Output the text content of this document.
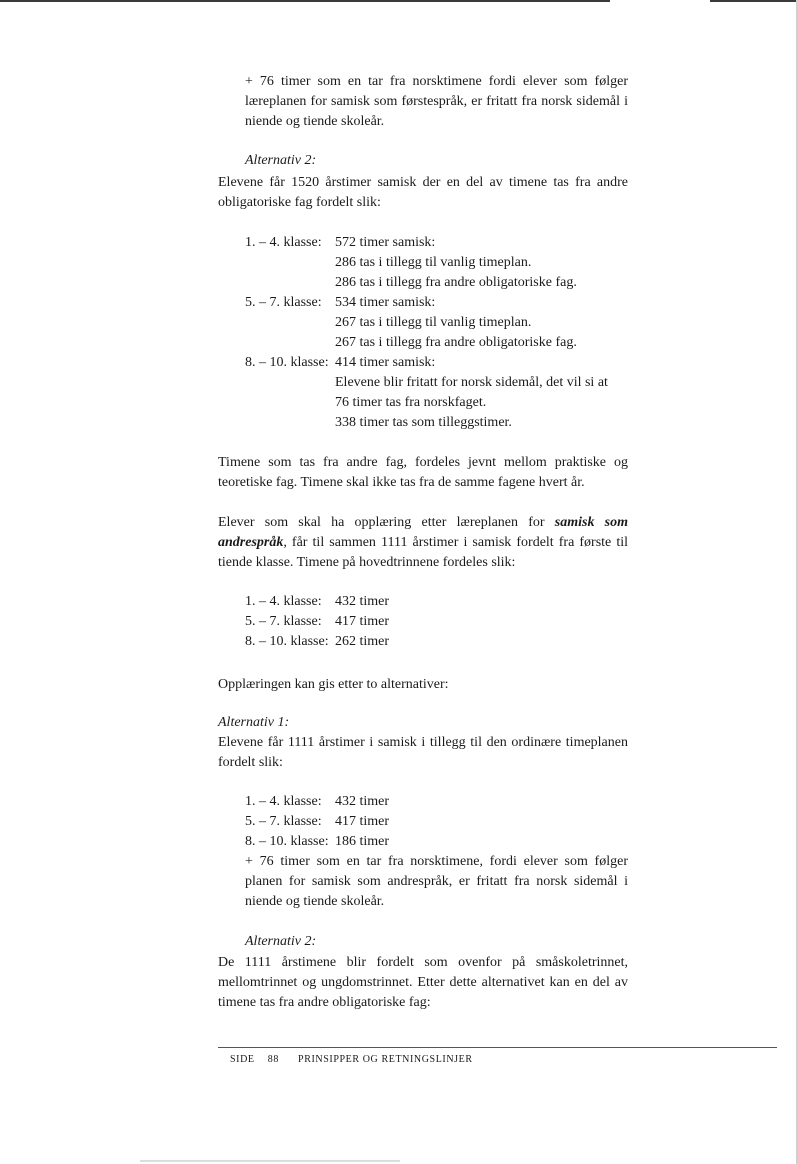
+ 76 timer som en tar fra norsktimene fordi elever som følger læreplanen for samisk som førstespråk, er fritatt fra norsk sidemål i niende og tiende skoleår.
Alternativ 2:
Elevene får 1520 årstimer samisk der en del av timene tas fra andre obligatoriske fag fordelt slik:
1. – 4. klasse: 572 timer samisk:
286 tas i tillegg til vanlig timeplan.
286 tas i tillegg fra andre obligatoriske fag.
5. – 7. klasse: 534 timer samisk:
267 tas i tillegg til vanlig timeplan.
267 tas i tillegg fra andre obligatoriske fag.
8. – 10. klasse: 414 timer samisk:
Elevene blir fritatt for norsk sidemål, det vil si at
76 timer tas fra norskfaget.
338 timer tas som tilleggstimer.
Timene som tas fra andre fag, fordeles jevnt mellom praktiske og teoretiske fag. Timene skal ikke tas fra de samme fagene hvert år.
Elever som skal ha opplæring etter læreplanen for samisk som andrespråk, får til sammen 1111 årstimer i samisk fordelt fra første til tiende klasse. Timene på hovedtrinnene fordeles slik:
1. – 4. klasse: 432 timer
5. – 7. klasse: 417 timer
8. – 10. klasse: 262 timer
Opplæringen kan gis etter to alternativer:
Alternativ 1:
Elevene får 1111 årstimer i samisk i tillegg til den ordinære timeplanen fordelt slik:
1. – 4. klasse: 432 timer
5. – 7. klasse: 417 timer
8. – 10. klasse: 186 timer
+ 76 timer som en tar fra norsktimene, fordi elever som følger planen for samisk som andrespråk, er fritatt fra norsk sidemål i niende og tiende skoleår.
Alternativ 2:
De 1111 årstimene blir fordelt som ovenfor på småskoletrinnet, mellomtrinnet og ungdomstrinnet. Etter dette alternativet kan en del av timene tas fra andre obligatoriske fag:
SIDE 88 PRINSIPPER OG RETNINGSLINJER
